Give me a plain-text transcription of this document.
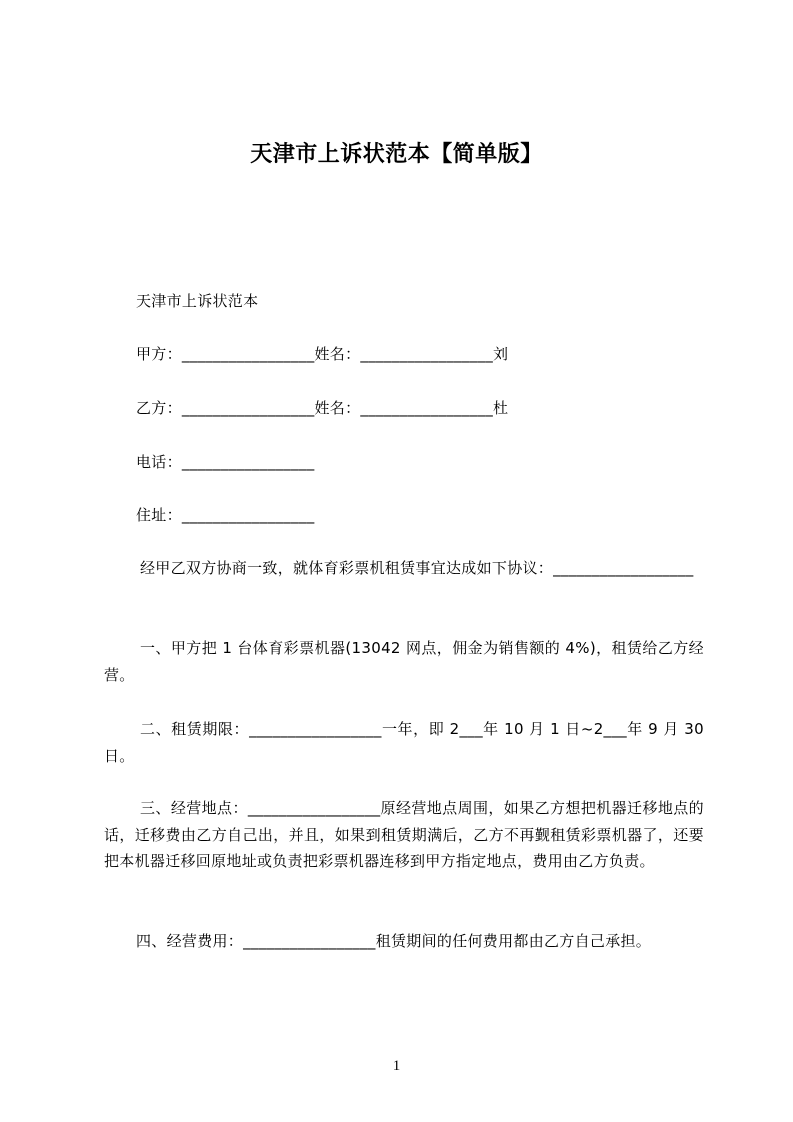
天津市上诉状范本【简单版】
天津市上诉状范本
甲方：_________________姓名：_________________刘
乙方：_________________姓名：_________________杜
电话：_________________
住址：_________________
经甲乙双方协商一致，就体育彩票机租赁事宜达成如下协议：__________________
一、甲方把 1 台体育彩票机器(13042 网点，佣金为销售额的 4%)，租赁给乙方经营。
二、租赁期限：_________________一年，即 2___年 10 月 1 日~2___年 9 月 30 日。
三、经营地点：_________________原经营地点周围，如果乙方想把机器迁移地点的话，迁移费由乙方自己出，并且，如果到租赁期满后，乙方不再觐租赁彩票机器了，还要把本机器迁移回原地址或负责把彩票机器连移到甲方指定地点，费用由乙方负责。
四、经营费用：_________________租赁期间的任何费用都由乙方自己承担。
1
